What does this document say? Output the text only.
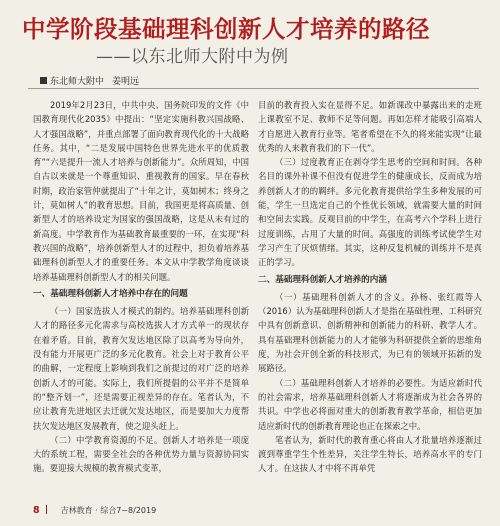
中学阶段基础理科创新人才培养的路径
——以东北师大附中为例
东北师大附中 姜明远

2019年2月23日，中共中央、国务院印发的文件《中国教育现代化2035》中提出：“坚定实施科教兴国战略、人才强国战略”，并重点部署了面向教育现代化的十大战略任务。其中，“二是发展中国特色世界先进水平的优质教育”“六是提升一流人才培养与创新能力”。众所周知，中国自古以来就是一个尊重知识、重视教育的国家。早在春秋时期，政治家管仲就提出了“十年之计，莫如树木；终身之计，莫如树人”的教育思想。目前，我国更是将高质量、创新型人才的培养设定为国家的强国战略，这是从未有过的新高度。中学教育作为基础教育最重要的一环，在实现“科教兴国的战略”，培养创新型人才的过程中，担负着培养基础理科创新型人才的重要任务。本文从中学教学角度谈谈培养基础理科创新型人才的相关问题。

一、基础理科创新人才培养中存在的问题

（一）国家选拔人才模式的制约。培养基础理科创新人才的路径多元化需求与高校选拔人才方式单一的现状存在着矛盾。目前，教育欠发达地区除了以高考为导向外，没有能力开展更广泛的多元化教育。社会上对于教育公平的曲解，一定程度上影响到我们之前提过的对广泛的培养创新人才的可能。实际上，我们所提倡的公平并不是简单的“整齐划一”，还是需要正视差异的存在。笔者认为，不应让教育先进地区去迁就欠发达地区，而是要加大力度帮扶欠发达地区发展教育，使之迎头赶上。

（二）中学教育资源的不足。创新人才培养是一项庞大的系统工程，需要全社会的各种优势力量与资源协同实施。要迎接大规模的教育模式变革，

目前的教育投入实在显得不足。如新课改中暴露出来的走班上课教室不足、教师不足等问题。再如怎样才能吸引高端人才自愿进入教育行业等。笔者希望在不久的将来能实现“让最优秀的人来教育我们的下一代”。

（三）过度教育正在剥夺学生思考的空间和时间。各种名目的课外补课不但没有促进学生的健康成长，反而成为培养创新人才的的羁绊。多元化教育提供给学生多种发展的可能，学生一旦选定自己的个性优长领域，就需要大量的时间和空间去实践。反观目前的中学生，在高考六个学科上进行过度训练，占用了大量的时间。高强度的训练考试使学生对学习产生了厌烦情绪。其实，这种反复机械的训练并不是真正的学习。

二、基础理科创新人才培养的内涵

（一）基础理科创新人才的含义。孙杨、张红霞等人（2016）认为基础理科创新人才是指在基础性理、工科研究中具有创新意识、创新精神和创新能力的科研、教学人才。具有基础理科创新能力的人才能够为科研提供全新的思维角度，为社会开创全新的科技形式，为已有的领域开拓新的发展路径。

（二）基础理科创新人才培养的必要性。为适应新时代的社会需求，培养基础理科创新人才将逐渐成为社会各界的共识。中学也必将面对重大的创新教育教学革命，相信更加适应新时代的创新教育理论也正在探索之中。

笔者认为，新时代的教育重心将由人才批量培养逐渐过渡到尊重学生个性差异，关注学生特长，培养高水平的专门人才。在这拔人才中将不再单凭

8	吉林教育 · 综合7~8/2019
